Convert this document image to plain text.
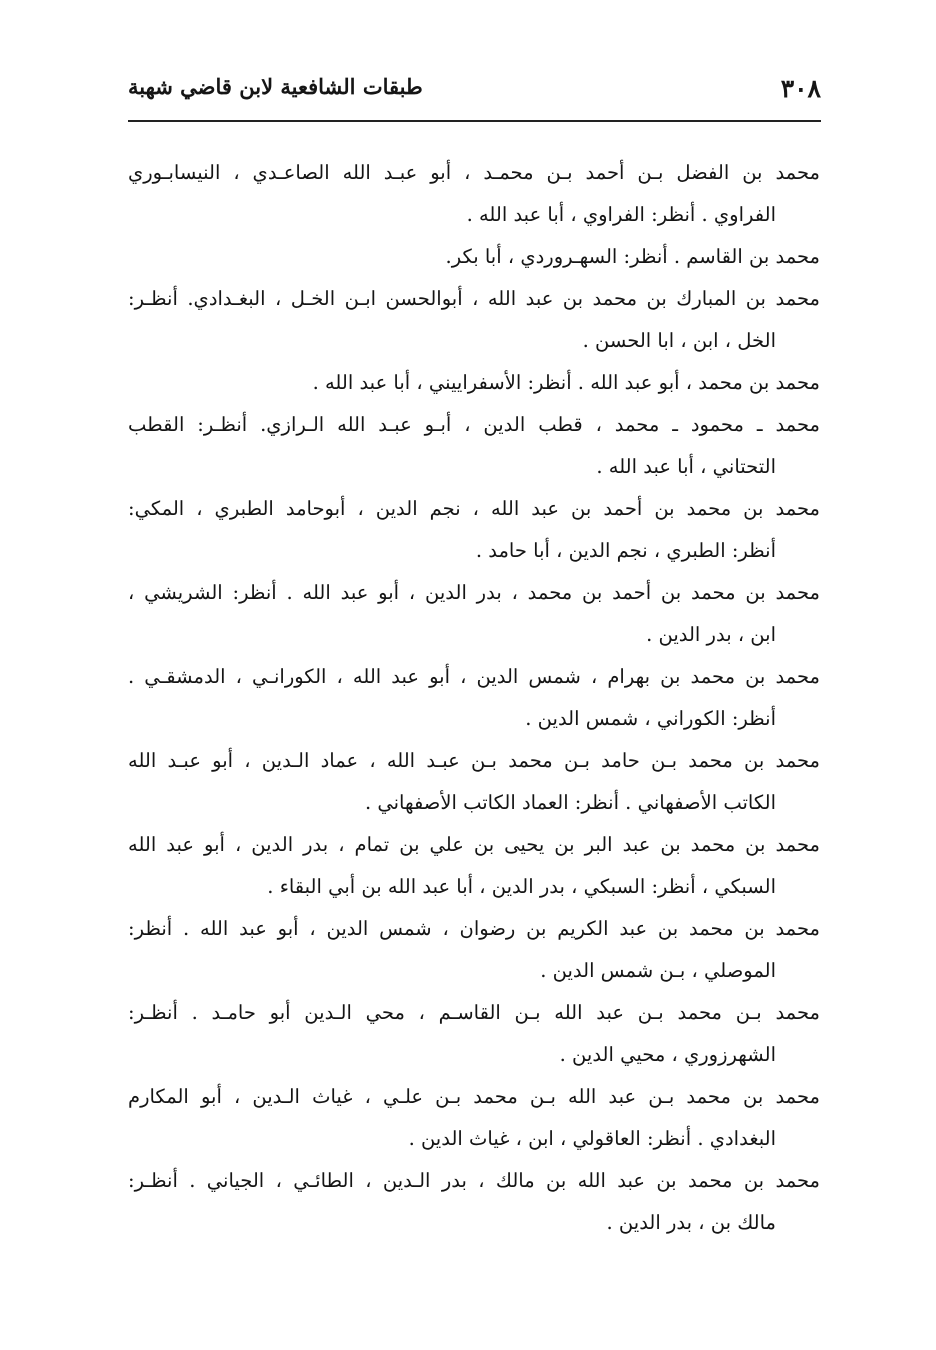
٣٠٨
طبقات الشافعية لابن قاضي شهبة
محمد بن الفضل بـن أحمد بـن محمـد ، أبو عبـد الله الصاعـدي ، النيسابـوري
الفراوي . أنظر: الفراوي ، أبا عبد الله .
محمد بن القاسم . أنظر: السهـروردي ، أبا بكر.
محمد بن المبارك بن محمد بن عبد الله ، أبوالحسن ابـن الخـل ، البغـدادي. أنظـر:
الخل ، ابن ، ابا الحسن .
محمد بن محمد ، أبو عبد الله . أنظر: الأسفراييني ، أبا عبد الله .
محمد ـ محمود ـ محمد ، قطب الدين ، أبـو عبـد الله الـرازي. أنظـر: القطب
التحتاني ، أبا عبد الله .
محمد بن محمد بن أحمد بن عبد الله ، نجم الدين ، أبوحامد الطبري ، المكي:
أنظر: الطبري ، نجم الدين ، أبا حامد .
محمد بن محمد بن أحمد بن محمد ، بدر الدين ، أبو عبد الله . أنظر: الشريشي ،
ابن ، بدر الدين .
محمد بن محمد بن بهرام ، شمس الدين ، أبو عبد الله ، الكورانـي ، الدمشقـي .
أنظر: الكوراني ، شمس الدين .
محمد بن محمد بـن حامد بـن محمد بـن عبـد الله ، عماد الـدين ، أبو عبـد الله
الكاتب الأصفهاني . أنظر: العماد الكاتب الأصفهاني .
محمد بن محمد بن عبد البر بن يحيى بن علي بن تمام ، بدر الدين ، أبو عبد الله
السبكي ، أنظر: السبكي ، بدر الدين ، أبا عبد الله بن أبي البقاء .
محمد بن محمد بن عبد الكريم بن رضوان ، شمس الدين ، أبو عبد الله . أنظر:
الموصلي ، بـن شمس الدين .
محمد بـن محمد بـن عبد الله بـن القاسـم ، محي الـدين أبو حامـد . أنظـر:
الشهرزوري ، محيي الدين .
محمد بن محمد بـن عبد الله بـن محمد بـن علـي ، غياث الـدين ، أبو المكارم
البغدادي . أنظر: العاقولي ، ابن ، غياث الدين .
محمد بن محمد بن عبد الله بن مالك ، بدر الـدين ، الطائـي ، الجياني . أنظـر:
مالك بن ، بدر الدين .
